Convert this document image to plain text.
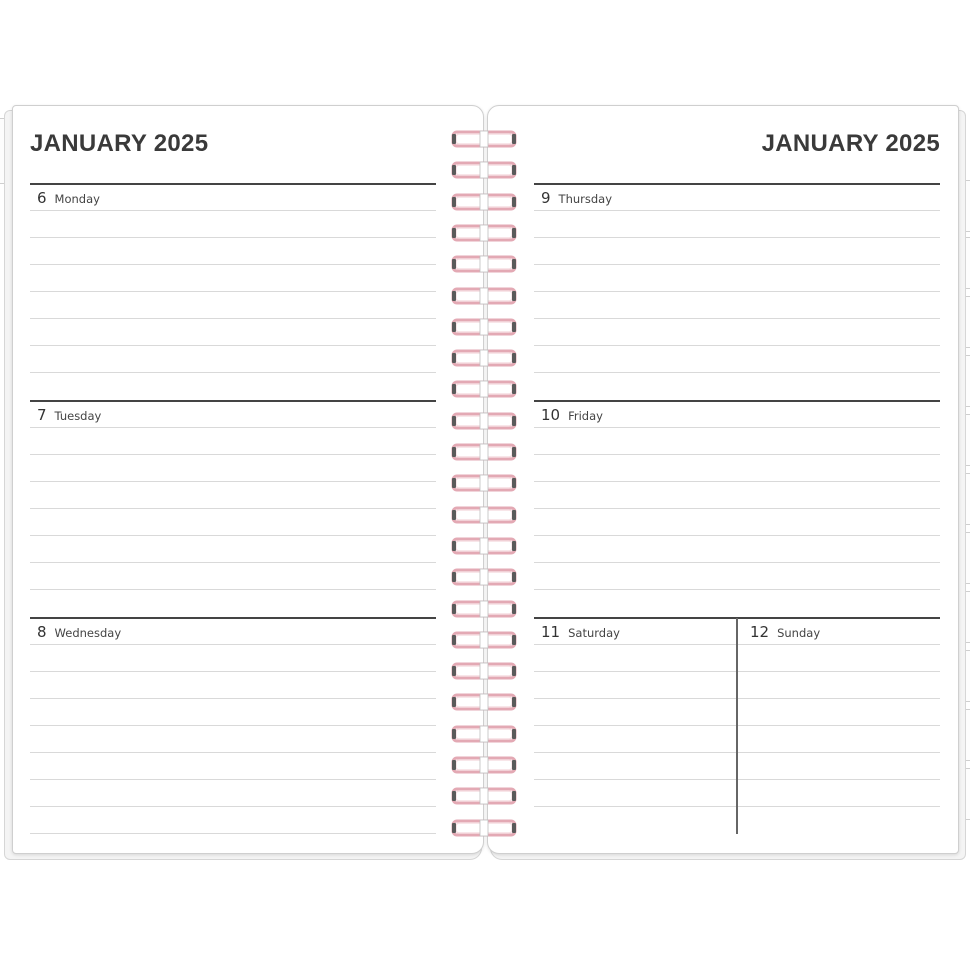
JANUARY 2025
6 Monday
7 Tuesday
8 Wednesday
JANUARY 2025
9 Thursday
10 Friday
11 Saturday	12 Sunday
